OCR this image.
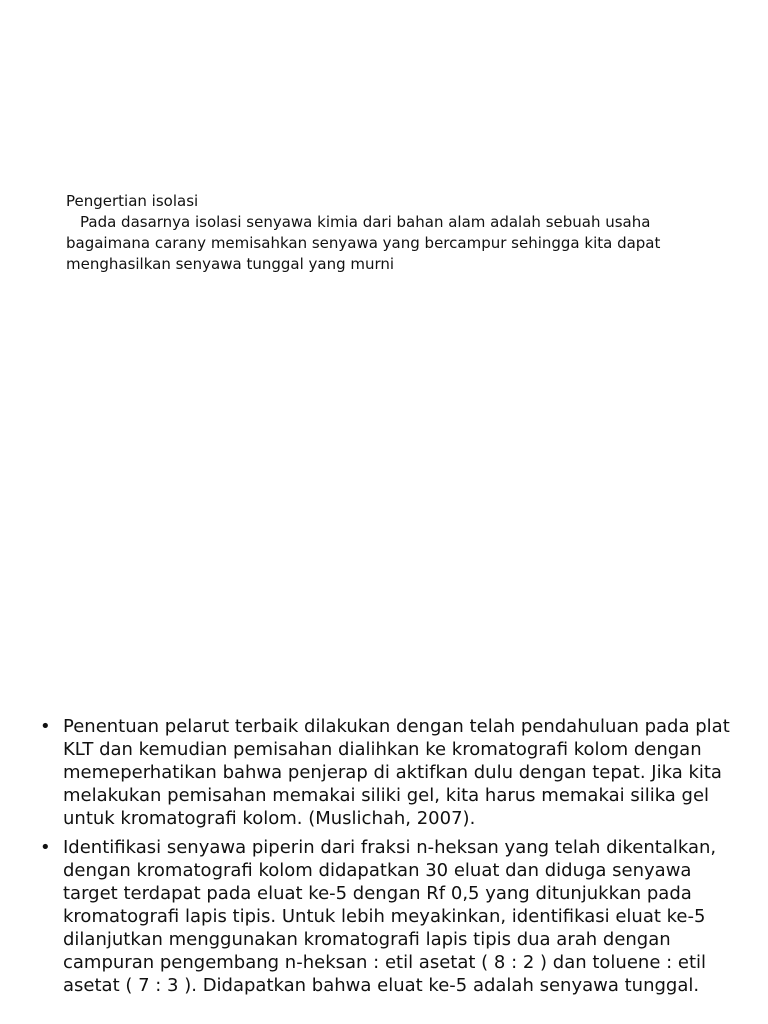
Pengertian isolasi
Pada dasarnya isolasi senyawa kimia dari bahan alam adalah sebuah usaha bagaimana carany memisahkan senyawa yang bercampur sehingga kita dapat menghasilkan senyawa tunggal yang murni
• Penentuan pelarut terbaik dilakukan dengan telah pendahuluan pada plat KLT dan kemudian pemisahan dialihkan ke kromatografi kolom dengan memeperhatikan bahwa penjerap di aktifkan dulu dengan tepat. Jika kita melakukan pemisahan memakai siliki gel, kita harus memakai silika gel untuk kromatografi kolom. (Muslichah, 2007).
• Identifikasi senyawa piperin dari fraksi n-heksan yang telah dikentalkan, dengan kromatografi kolom didapatkan 30 eluat dan diduga senyawa target terdapat pada eluat ke-5 dengan Rf 0,5 yang ditunjukkan pada kromatografi lapis tipis. Untuk lebih meyakinkan, identifikasi eluat ke-5 dilanjutkan menggunakan kromatografi lapis tipis dua arah dengan campuran pengembang n-heksan : etil asetat ( 8 : 2 ) dan toluene : etil asetat ( 7 : 3 ). Didapatkan bahwa eluat ke-5 adalah senyawa tunggal.
